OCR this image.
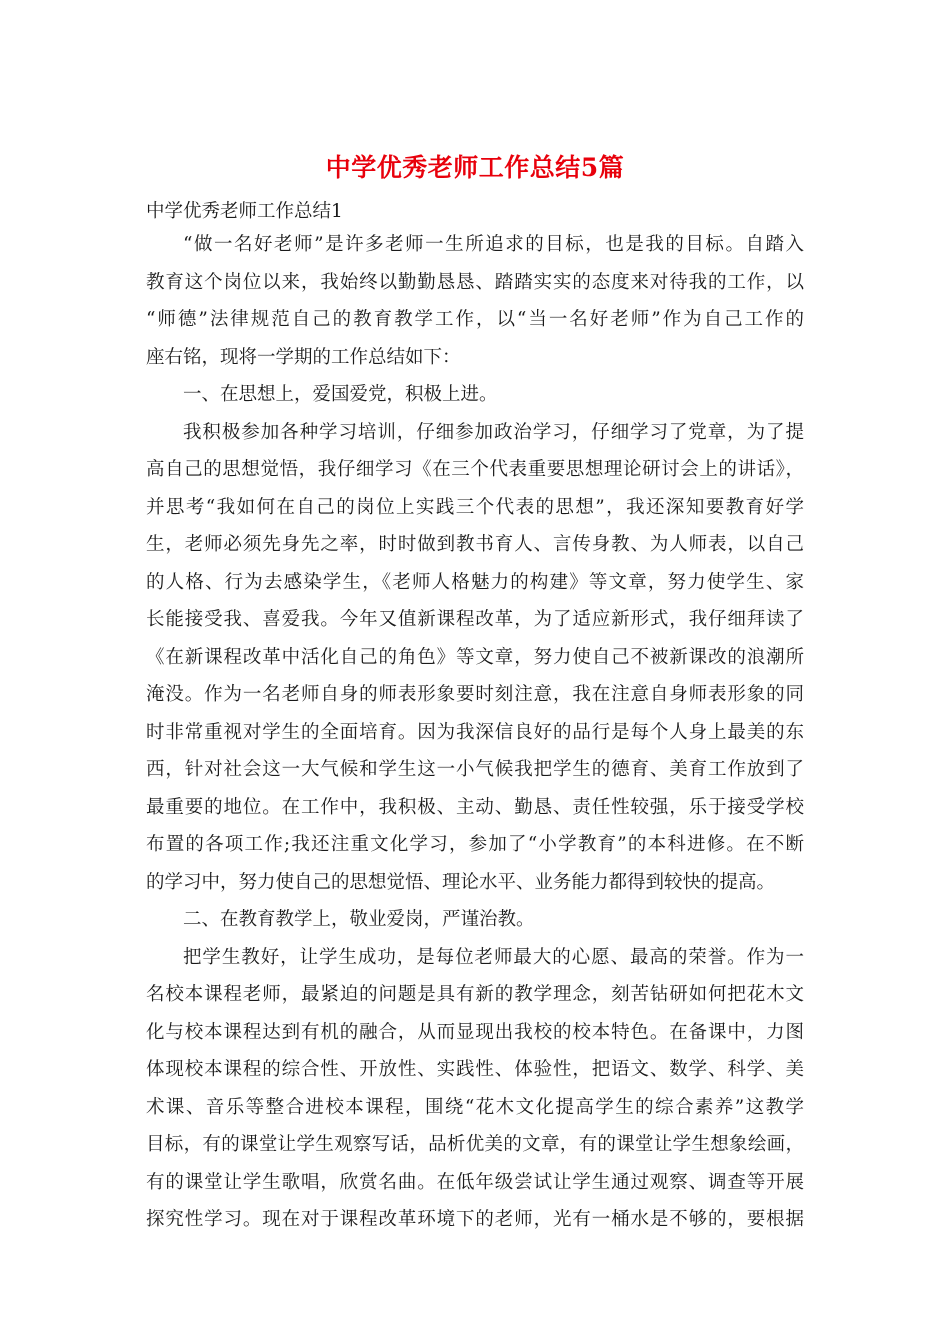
中学优秀老师工作总结5篇
中学优秀老师工作总结1
“做一名好老师”是许多老师一生所追求的目标，也是我的目标。自踏入
教育这个岗位以来，我始终以勤勤恳恳、踏踏实实的态度来对待我的工作，以
“师德”法律规范自己的教育教学工作，以“当一名好老师”作为自己工作的
座右铭，现将一学期的工作总结如下：
一、在思想上，爱国爱党，积极上进。
我积极参加各种学习培训，仔细参加政治学习，仔细学习了党章，为了提
高自己的思想觉悟，我仔细学习《在三个代表重要思想理论研讨会上的讲话》，
并思考“我如何在自己的岗位上实践三个代表的思想”，我还深知要教育好学
生，老师必须先身先之率，时时做到教书育人、言传身教、为人师表，以自己
的人格、行为去感染学生，《老师人格魅力的构建》等文章，努力使学生、家
长能接受我、喜爱我。今年又值新课程改革，为了适应新形式，我仔细拜读了
《在新课程改革中活化自己的角色》等文章，努力使自己不被新课改的浪潮所
淹没。作为一名老师自身的师表形象要时刻注意，我在注意自身师表形象的同
时非常重视对学生的全面培育。因为我深信良好的品行是每个人身上最美的东
西，针对社会这一大气候和学生这一小气候我把学生的德育、美育工作放到了
最重要的地位。在工作中，我积极、主动、勤恳、责任性较强，乐于接受学校
布置的各项工作;我还注重文化学习，参加了“小学教育”的本科进修。在不断
的学习中，努力使自己的思想觉悟、理论水平、业务能力都得到较快的提高。
二、在教育教学上，敬业爱岗，严谨治教。
把学生教好，让学生成功，是每位老师最大的心愿、最高的荣誉。作为一
名校本课程老师，最紧迫的问题是具有新的教学理念，刻苦钻研如何把花木文
化与校本课程达到有机的融合，从而显现出我校的校本特色。在备课中，力图
体现校本课程的综合性、开放性、实践性、体验性，把语文、数学、科学、美
术课、音乐等整合进校本课程，围绕“花木文化提高学生的综合素养”这教学
目标，有的课堂让学生观察写话，品析优美的文章，有的课堂让学生想象绘画，
有的课堂让学生歌唱，欣赏名曲。在低年级尝试让学生通过观察、调查等开展
探究性学习。现在对于课程改革环境下的老师，光有一桶水是不够的，要根据
